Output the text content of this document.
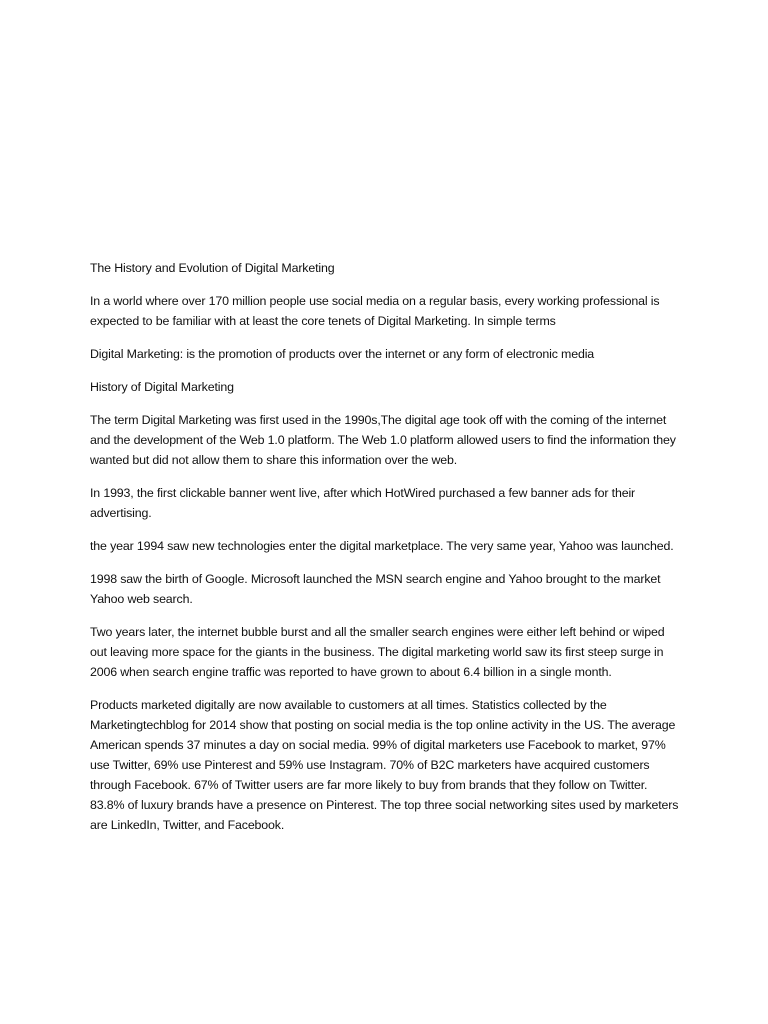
The History and Evolution of Digital Marketing

In a world where over 170 million people use social media on a regular basis, every working professional is expected to be familiar with at least the core tenets of Digital Marketing. In simple terms

Digital Marketing: is the promotion of products over the internet or any form of electronic media

History of Digital Marketing

The term Digital Marketing was first used in the 1990s,The digital age took off with the coming of the internet and the development of the Web 1.0 platform. The Web 1.0 platform allowed users to find the information they wanted but did not allow them to share this information over the web.

In 1993, the first clickable banner went live, after which HotWired purchased a few banner ads for their advertising.

the year 1994 saw new technologies enter the digital marketplace. The very same year, Yahoo was launched.

1998 saw the birth of Google. Microsoft launched the MSN search engine and Yahoo brought to the market Yahoo web search.

Two years later, the internet bubble burst and all the smaller search engines were either left behind or wiped out leaving more space for the giants in the business. The digital marketing world saw its first steep surge in 2006 when search engine traffic was reported to have grown to about 6.4 billion in a single month.

Products marketed digitally are now available to customers at all times. Statistics collected by the Marketingtechblog for 2014 show that posting on social media is the top online activity in the US. The average American spends 37 minutes a day on social media. 99% of digital marketers use Facebook to market, 97% use Twitter, 69% use Pinterest and 59% use Instagram. 70% of B2C marketers have acquired customers through Facebook. 67% of Twitter users are far more likely to buy from brands that they follow on Twitter. 83.8% of luxury brands have a presence on Pinterest. The top three social networking sites used by marketers are LinkedIn, Twitter, and Facebook.
